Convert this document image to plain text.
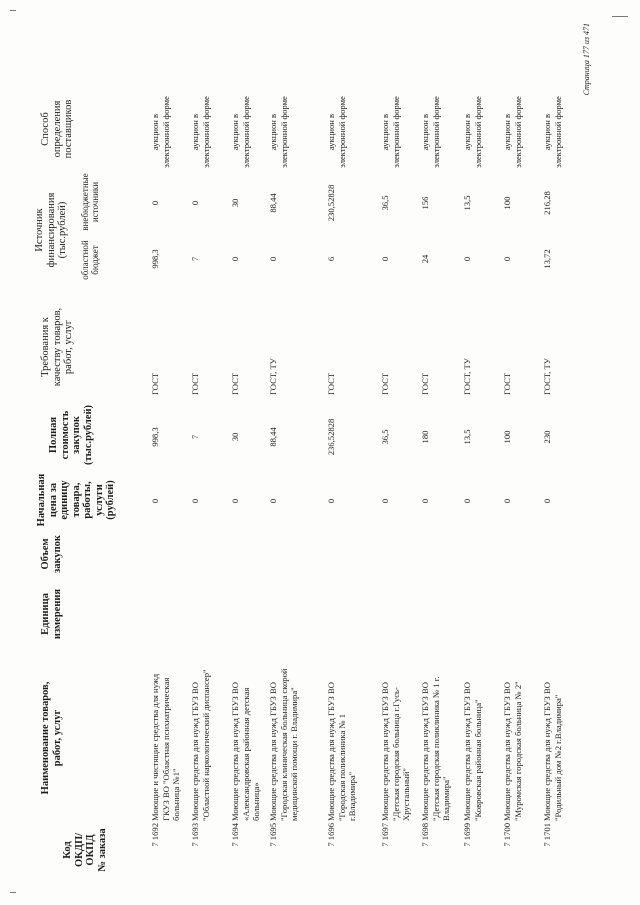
Код ОКДП/ ОКПД № заказа
Наименование товаров, работ, услуг
Единица измерения
Объем закупок
Начальная цена за единицу товара, работы, услуги (рублей)
Полная стоимость закупок (тыс.рублей)
Требования к качеству товаров, работ, услуг
Источник финансирования (тыс.рублей)
областной бюджет
внебюджетные источники
Способ определения поставщиков
7 1692
Моющие и чистящие средства для нужд ГКУЗ ВО "Областная психиатрическая больница №1"
0
998,3
ГОСТ
998,3
0
аукцион в электронной форме
7 1693
Моющие средства для нужд ГБУЗ ВО "Областной наркологический диспансер"
0
7
ГОСТ
7
0
аукцион в электронной форме
7 1694
Моющие средства для нужд ГБУЗ ВО «Александровская районная детская больница»
0
30
ГОСТ
0
30
аукцион в электронной форме
7 1695
Моющие средства для нужд ГБУЗ ВО "Городская клиническая больница скорой медицинской помощи г. Владимира"
0
88,44
ГОСТ, ТУ
0
88,44
аукцион в электронной форме
7 1696
Моющие средства для нужд ГБУЗ ВО "Городская поликлиника № 1 г.Владимира"
0
236,52828
ГОСТ
6
230,52828
аукцион в электронной форме
7 1697
Моющие средства для нужд ГБУЗ ВО "Детская городская больница г.Гусь-Хрустальный"
0
36,5
ГОСТ
0
36,5
аукцион в электронной форме
7 1698
Моющие средства для нужд ГБУЗ ВО "Детская городская поликлиника № 1 г. Владимира"
0
180
ГОСТ
24
156
аукцион в электронной форме
7 1699
Моющие средства для нужд ГБУЗ ВО "Ковровская районная больница"
0
13,5
ГОСТ, ТУ
0
13,5
аукцион в электронной форме
7 1700
Моющие средства для нужд ГБУЗ ВО "Муромская городская больница № 2"
0
100
ГОСТ
0
100
аукцион в электронной форме
7 1701
Моющие средства для нужд ГБУЗ ВО "Родильный дом №2 г.Владимира"
0
230
ГОСТ, ТУ
13,72
216,28
аукцион в электронной форме
Страница 177 из 471
